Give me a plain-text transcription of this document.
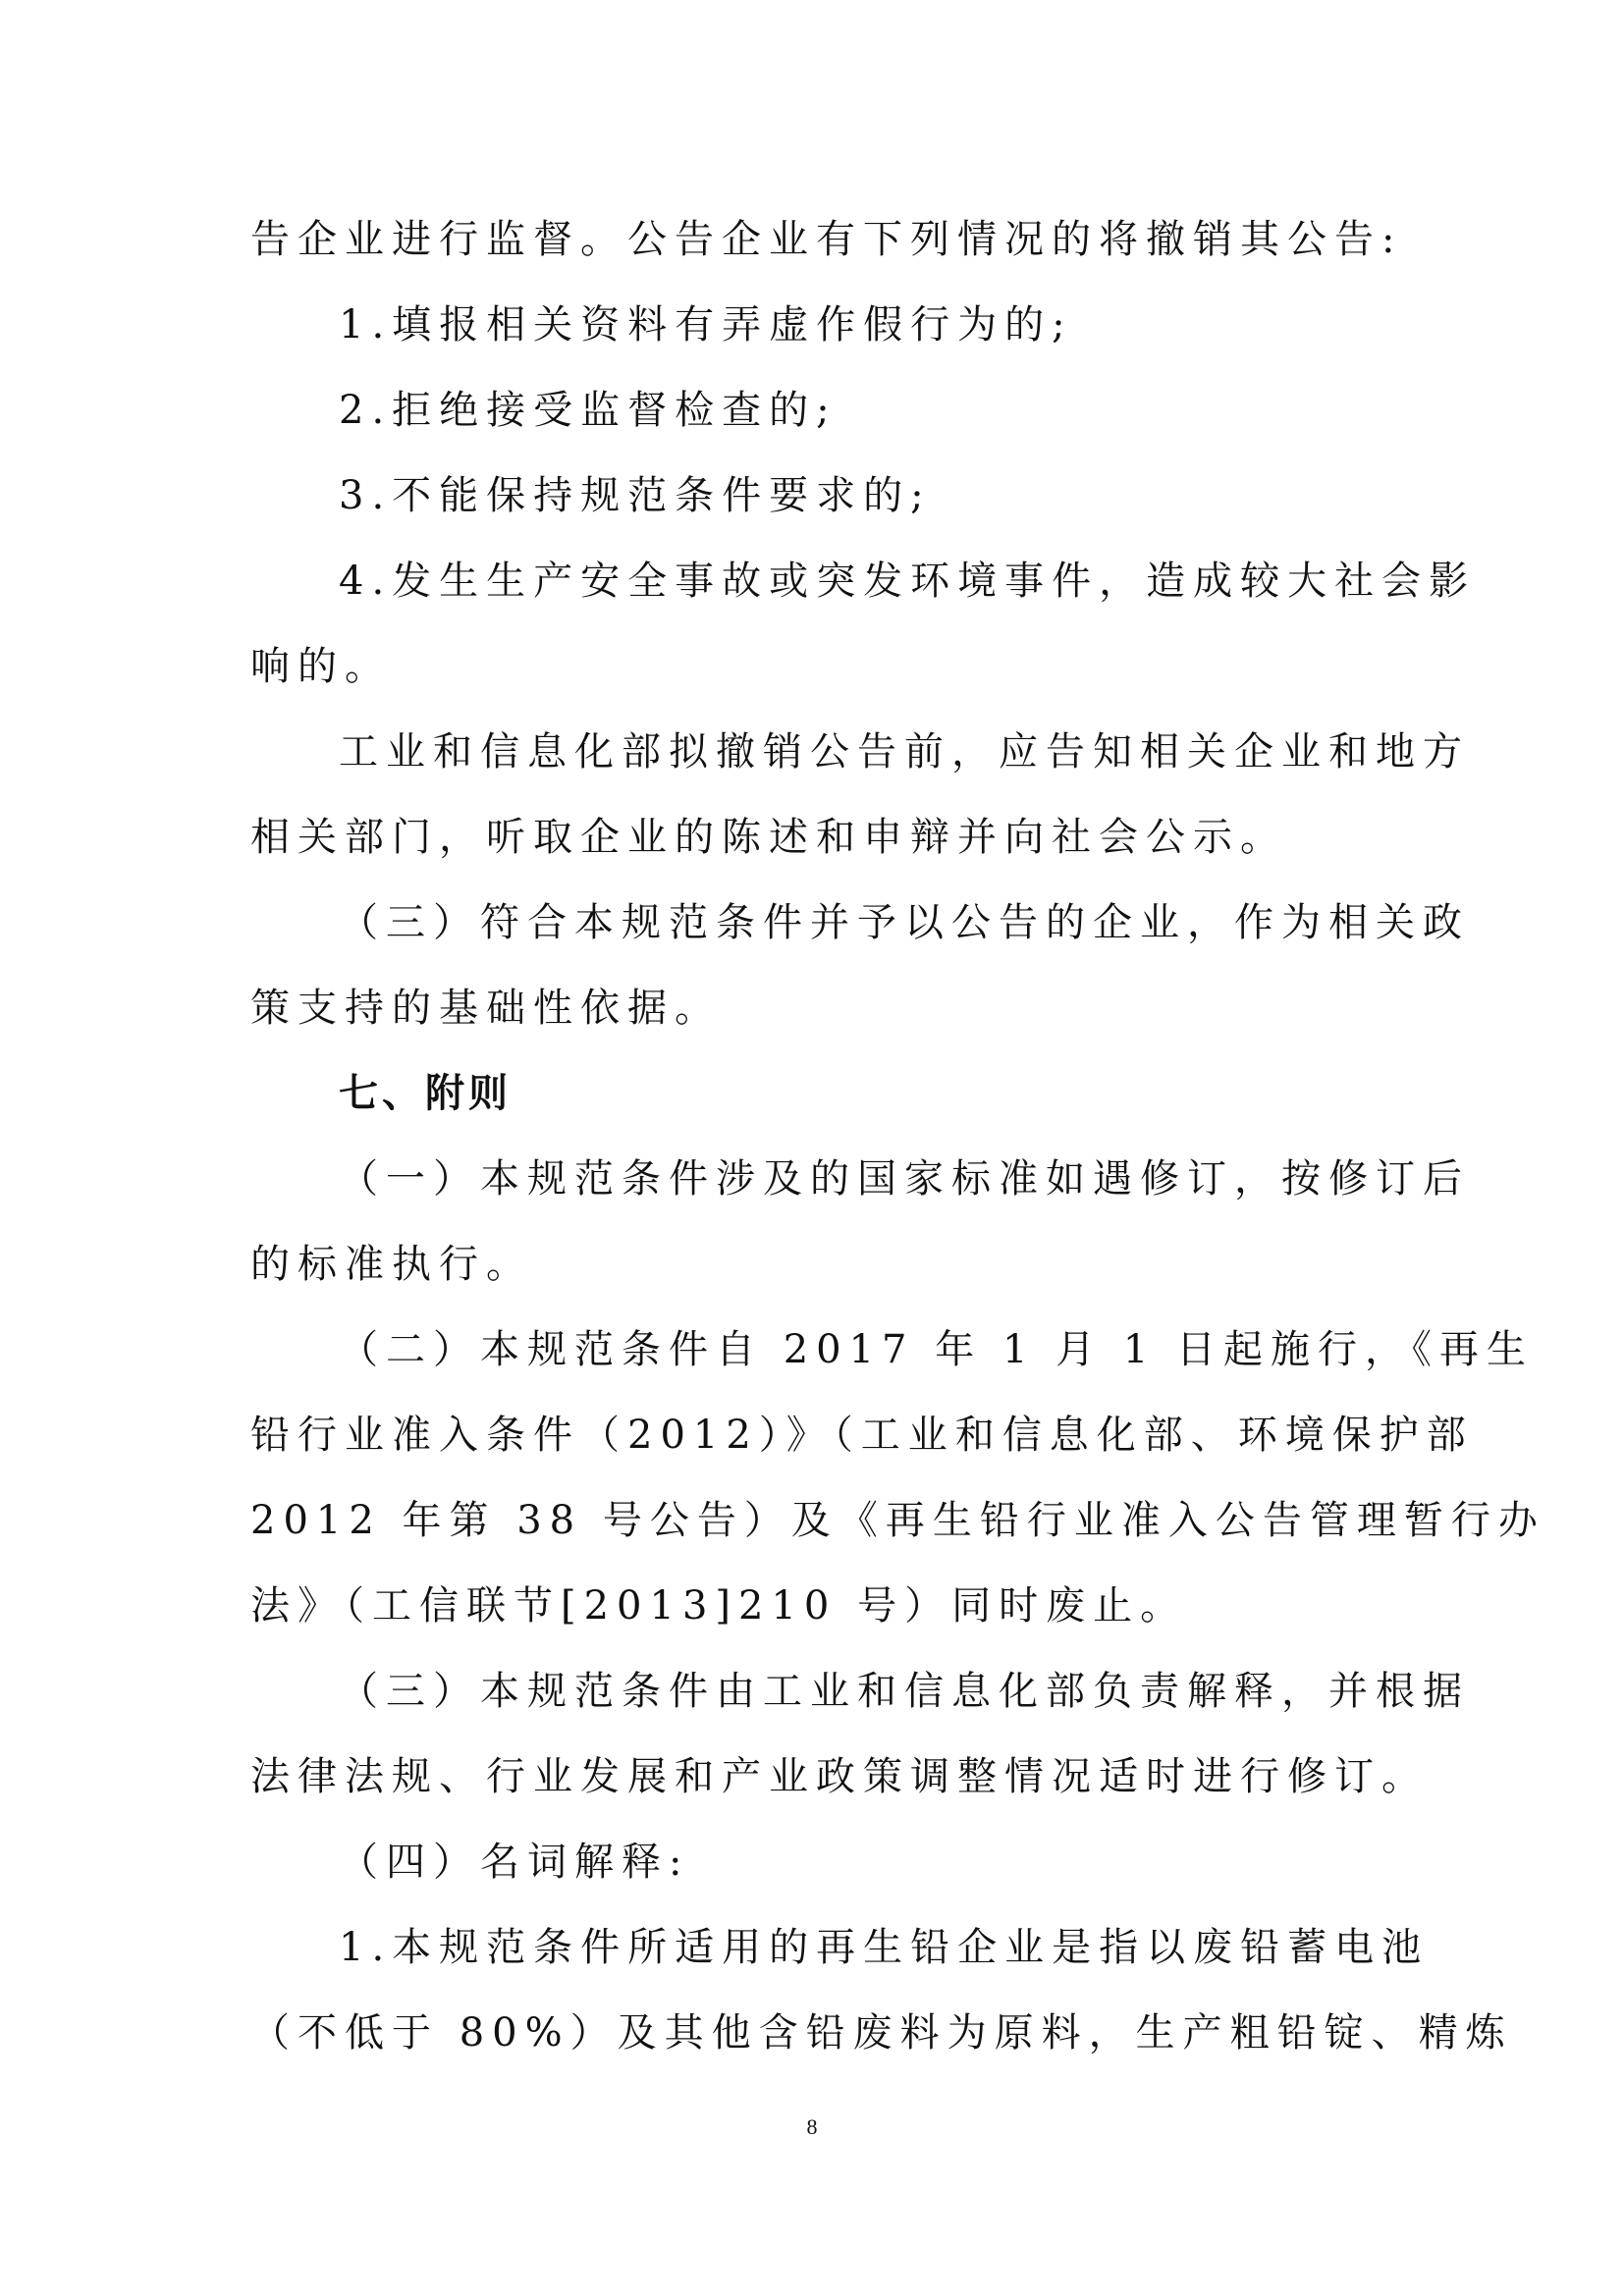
告企业进行监督。公告企业有下列情况的将撤销其公告:
1.填报相关资料有弄虚作假行为的;
2.拒绝接受监督检查的;
3.不能保持规范条件要求的;
4.发生生产安全事故或突发环境事件，造成较大社会影
响的。
工业和信息化部拟撤销公告前，应告知相关企业和地方
相关部门，听取企业的陈述和申辩并向社会公示。
（三）符合本规范条件并予以公告的企业，作为相关政
策支持的基础性依据。
七、附则
（一）本规范条件涉及的国家标准如遇修订，按修订后
的标准执行。
（二）本规范条件自 2017 年 1 月 1 日起施行，《再生
铅行业准入条件（2012）》（工业和信息化部、环境保护部
2012 年第 38 号公告）及《再生铅行业准入公告管理暂行办
法》（工信联节[2013]210 号）同时废止。
（三）本规范条件由工业和信息化部负责解释，并根据
法律法规、行业发展和产业政策调整情况适时进行修订。
（四）名词解释:
1.本规范条件所适用的再生铅企业是指以废铅蓄电池
（不低于 80%）及其他含铅废料为原料，生产粗铅锭、精炼
8
